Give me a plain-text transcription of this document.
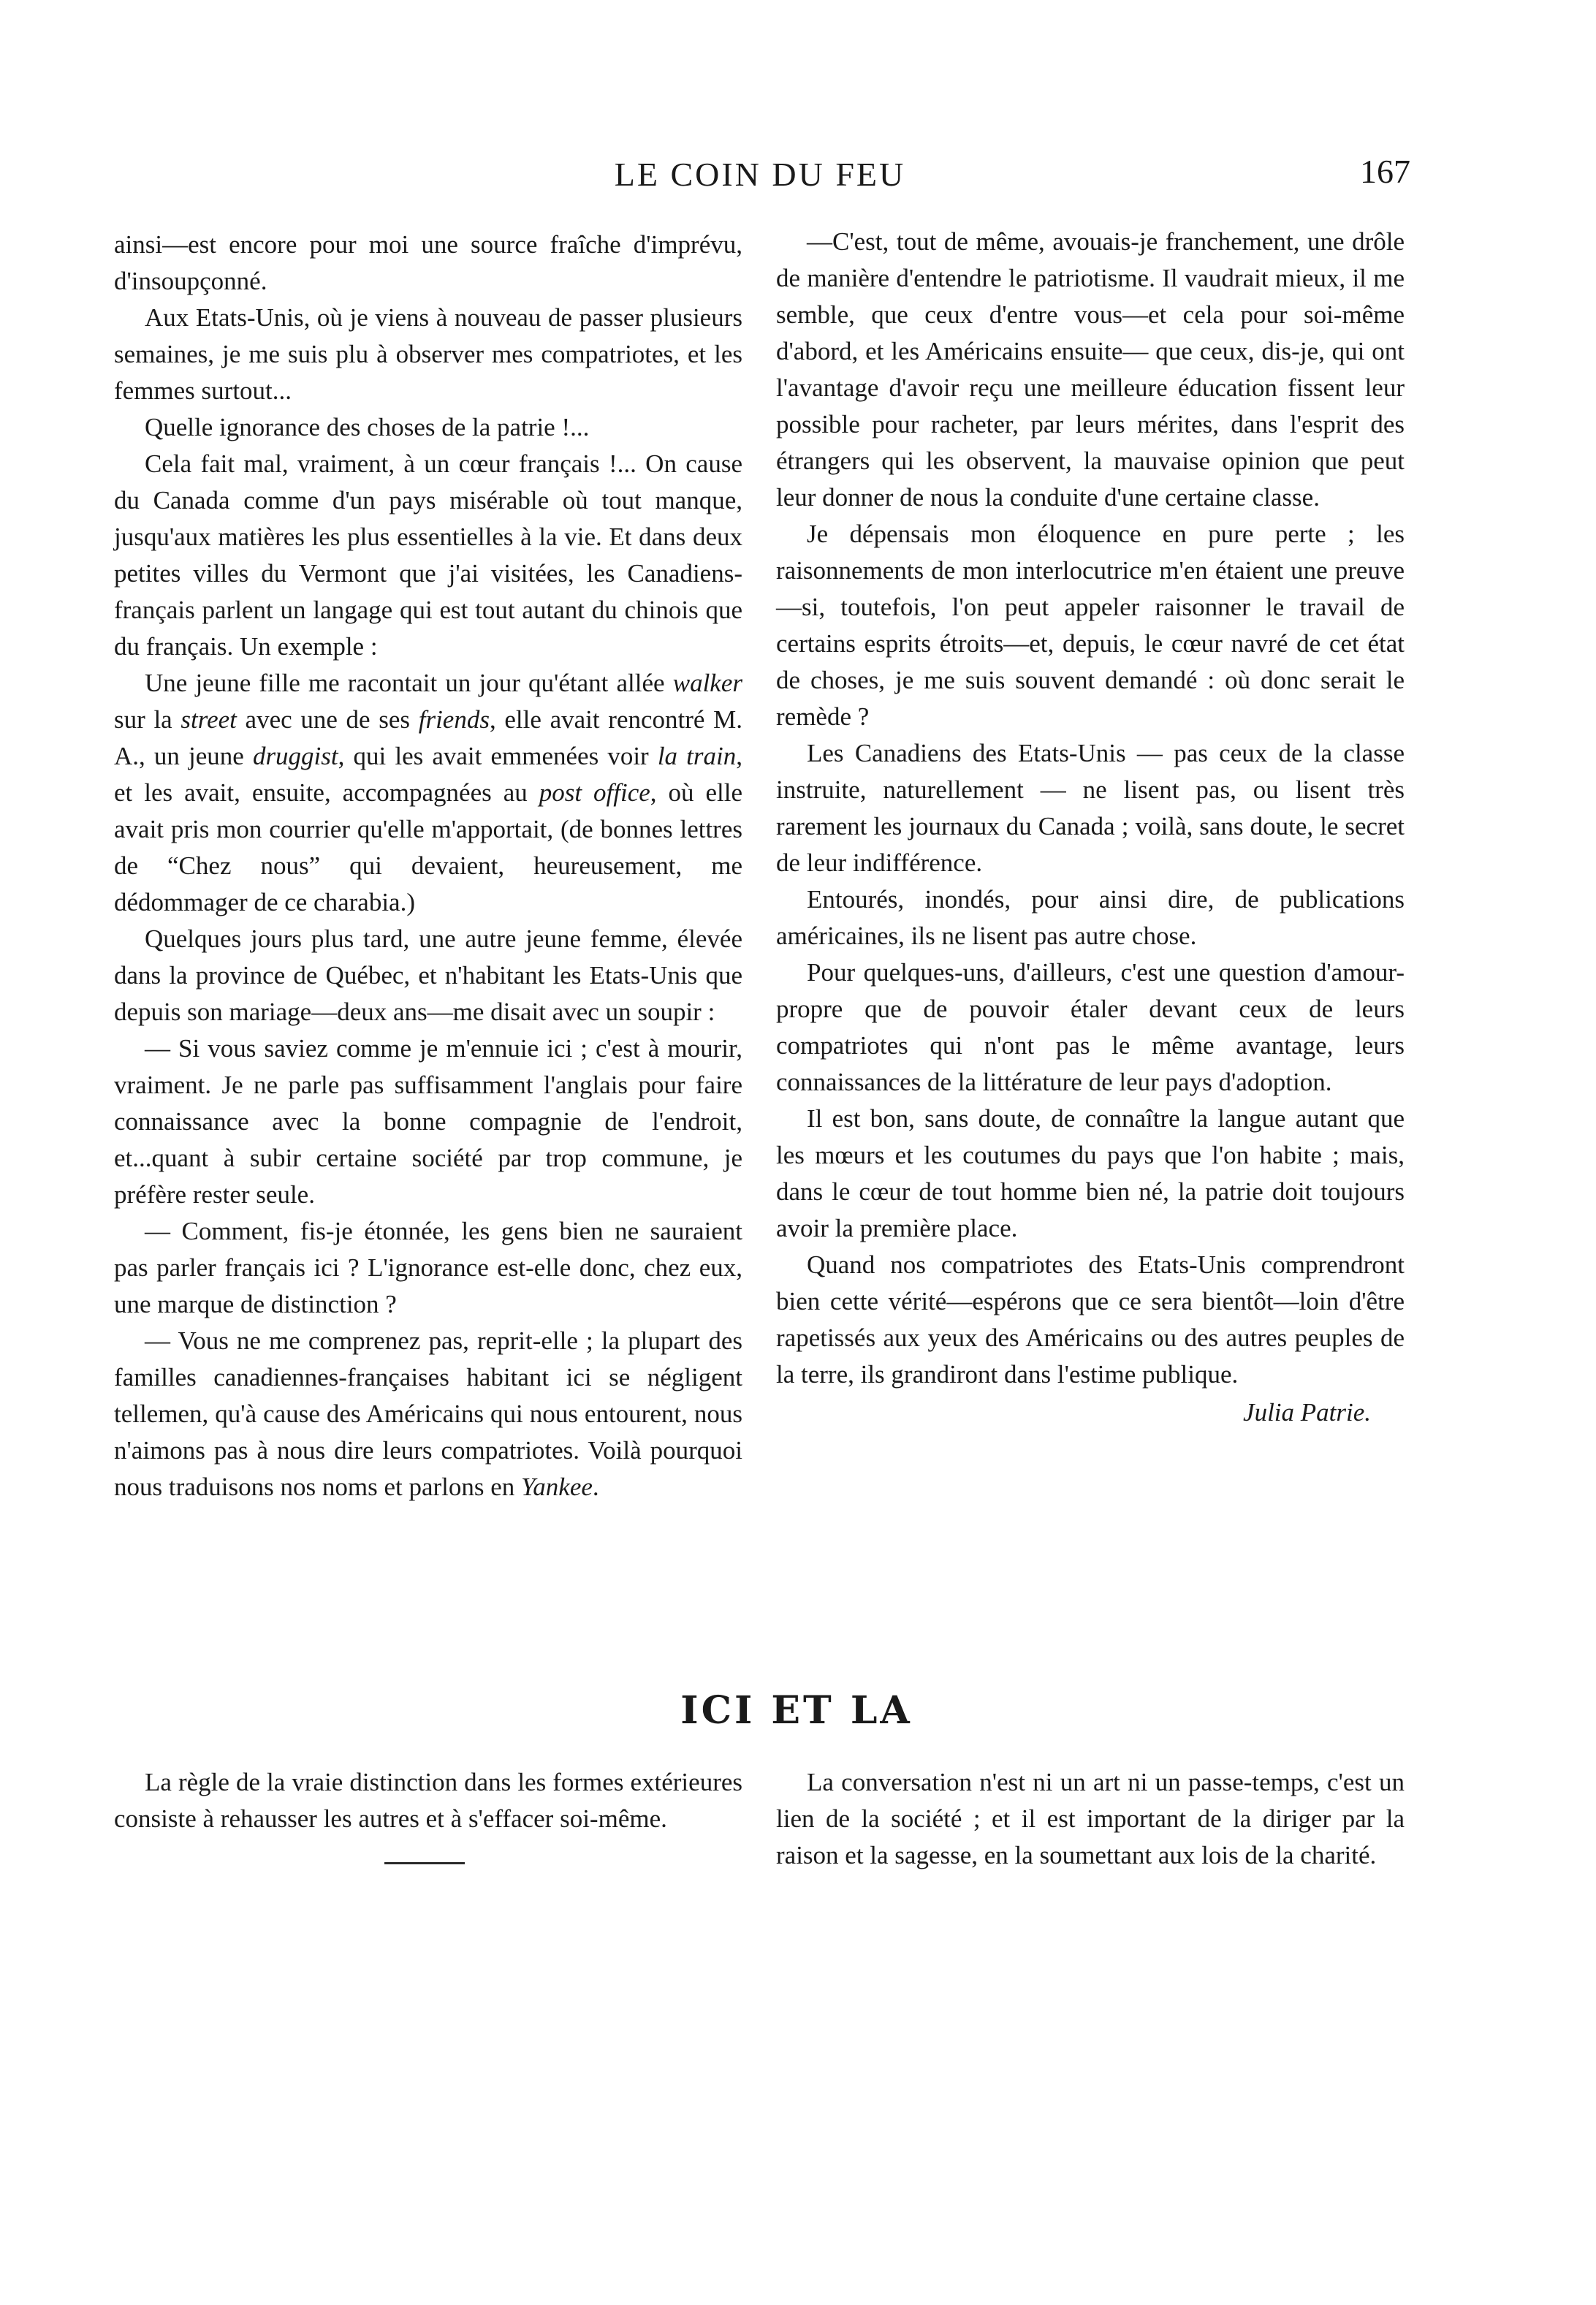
LE COIN DU FEU	167

ainsi—est encore pour moi une source fraîche d'imprévu, d'insoupçonné.

Aux Etats-Unis, où je viens à nouveau de passer plusieurs semaines, je me suis plu à observer mes compatriotes, et les femmes surtout...

Quelle ignorance des choses de la patrie !...

Cela fait mal, vraiment, à un cœur français !... On cause du Canada comme d'un pays misérable où tout manque, jusqu'aux matières les plus essentielles à la vie. Et dans deux petites villes du Vermont que j'ai visitées, les Canadiens-français parlent un langage qui est tout autant du chinois que du français. Un exemple :

Une jeune fille me racontait un jour qu'étant allée walker sur la street avec une de ses friends, elle avait rencontré M. A., un jeune druggist, qui les avait emmenées voir la train, et les avait, ensuite, accompagnées au post office, où elle avait pris mon courrier qu'elle m'apportait, (de bonnes lettres de “Chez nous” qui devaient, heureusement, me dédommager de ce charabia.)

Quelques jours plus tard, une autre jeune femme, élevée dans la province de Québec, et n'habitant les Etats-Unis que depuis son mariage—deux ans—me disait avec un soupir :

— Si vous saviez comme je m'ennuie ici ; c'est à mourir, vraiment. Je ne parle pas suffisamment l'anglais pour faire connaissance avec la bonne compagnie de l'endroit, et...quant à subir certaine société par trop commune, je préfère rester seule.

— Comment, fis-je étonnée, les gens bien ne sauraient pas parler français ici ? L'ignorance est-elle donc, chez eux, une marque de distinction ?

— Vous ne me comprenez pas, reprit-elle ; la plupart des familles canadiennes-françaises habitant ici se négligent tellemen, qu'à cause des Américains qui nous entourent, nous n'aimons pas à nous dire leurs compatriotes. Voilà pourquoi nous traduisons nos noms et parlons en Yankee.

—C'est, tout de même, avouais-je franchement, une drôle de manière d'entendre le patriotisme. Il vaudrait mieux, il me semble, que ceux d'entre vous—et cela pour soi-même d'abord, et les Américains ensuite— que ceux, dis-je, qui ont l'avantage d'avoir reçu une meilleure éducation fissent leur possible pour racheter, par leurs mérites, dans l'esprit des étrangers qui les observent, la mauvaise opinion que peut leur donner de nous la conduite d'une certaine classe.

Je dépensais mon éloquence en pure perte ; les raisonnements de mon interlocutrice m'en étaient une preuve—si, toutefois, l'on peut appeler raisonner le travail de certains esprits étroits—et, depuis, le cœur navré de cet état de choses, je me suis souvent demandé : où donc serait le remède ?

Les Canadiens des Etats-Unis — pas ceux de la classe instruite, naturellement — ne lisent pas, ou lisent très rarement les journaux du Canada ; voilà, sans doute, le secret de leur indifférence.

Entourés, inondés, pour ainsi dire, de publications américaines, ils ne lisent pas autre chose.

Pour quelques-uns, d'ailleurs, c'est une question d'amour-propre que de pouvoir étaler devant ceux de leurs compatriotes qui n'ont pas le même avantage, leurs connaissances de la littérature de leur pays d'adoption.

Il est bon, sans doute, de connaître la langue autant que les mœurs et les coutumes du pays que l'on habite ; mais, dans le cœur de tout homme bien né, la patrie doit toujours avoir la première place.

Quand nos compatriotes des Etats-Unis comprendront bien cette vérité—espérons que ce sera bientôt—loin d'être rapetissés aux yeux des Américains ou des autres peuples de la terre, ils grandiront dans l'estime publique.

Julia Patrie.
ICI ET LA

La règle de la vraie distinction dans les formes extérieures consiste à rehausser les autres et à s'effacer soi-même.

La conversation n'est ni un art ni un passe-temps, c'est un lien de la société ; et il est important de la diriger par la raison et la sagesse, en la soumettant aux lois de la charité.
